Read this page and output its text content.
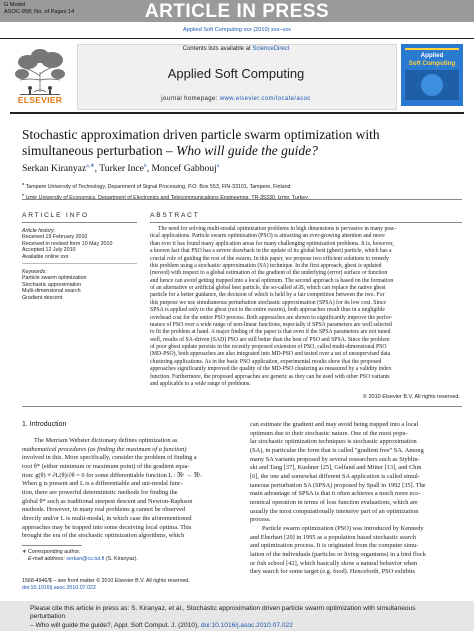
G Model
ASOC-958; No. of Pages 14	ARTICLE IN PRESS
Applied Soft Computing xxx (2010) xxx–xxx
ELSEVIER
Contents lists available at ScienceDirect
Applied Soft Computing
journal homepage: www.elsevier.com/locate/asoc
Applied
Soft Computing
Stochastic approximation driven particle swarm optimization with simultaneous perturbation – Who will guide the guide?
Serkan Kiranyaz$^{a,∗}$, Turker Ince$^b$, Moncef Gabbouj$^a$
$^a$ Tampere University of Technology, Department of Signal Processing, P.O. Box 553, FIN-33101, Tampere, Finland
$^b$ Izmir University of Economics, Department of Electronics and Telecommunications Engineering, TR-35330, Izmir, Turkey
ARTICLE INFO	ABSTRACT
Article history:
Received 19 February 2010
Received in revised form 10 May 2010
Accepted 12 July 2010
Available online xxx
Keywords:
Particle swarm optimization
Stochastic approximation
Multi-dimensional search
Gradient descent
The need for solving multi-modal optimization problems in high dimensions is pervasive in many prac-
tical applications. Particle swarm optimization (PSO) is attracting an ever-growing attention and more
than ever it has found many application areas for many challenging optimization problems. It is, however,
a known fact that PSO has a severe drawback in the update of its global best (gbest) particle, which has a
crucial role of guiding the rest of the swarm. In this paper, we propose two efficient solutions to remedy
this problem using a stochastic approximation (SA) technique. In the first approach, gbest is updated
(moved) with respect to a global estimation of the gradient of the underlying (error) surface or function
and hence can avoid getting trapped into a local optimum. The second approach is based on the formation
of an alternative or artificial global best particle, the so-called aGB, which can replace the native gbest
particle for a better guidance, the decision of which is held by a fair competition between the two. For
this purpose we use simultaneous perturbation stochastic approximation (SPSA) for its low cost. Since
SPSA is applied only to the gbest (not to the entire swarm), both approaches result thus in a negligible
overhead cost for the entire PSO process. Both approaches are shown to significantly improve the perfor-
mance of PSO over a wide range of non-linear functions, especially if SPSA parameters are well selected
to fit the problem at hand. A major finding of the paper is that even if the SPSA parameters are not tuned
well, results of SA-driven (SAD) PSO are still better than the best of PSO and SPSA. Since the problem
of poor gbest update persists in the recently proposed extension of PSO, called multi-dimensional PSO
(MD-PSO), both approaches are also integrated into MD-PSO and tested over a set of unsupervised data
clustering applications. As in the basic PSO application, experimental results show that the proposed
approaches significantly improved the quality of the MD-PSO clustering as measured by a validity index
function. Furthermore, the proposed approaches are generic as they can be used with other PSO variants
and applicable to a wide range of problems.
© 2010 Elsevier B.V. All rights reserved.
1. Introduction
The Merriam Webster dictionary defines optimization as
mathematical procedures (as finding the maximum of a function)
involved in this. More specifically, consider the problem of finding a
root θ* (either minimum or maximum point) of the gradient equa-
tion: g(θ) ≡ ∂L(θ)/∂θ = 0 for some differentiable function L : ℜᵖ → ℜ¹.
When g is present and L is a differentiable and uni-modal func-
tion, there are powerful deterministic methods for finding the
global θ* such as traditional steepest descent and Newton-Raphson
methods. However, in many real problems g cannot be observed
directly and/or L is multi-modal, in which case the aforementioned
approaches may be trapped into some deceiving local optima. This
brought the era of the stochastic optimization algorithms, which
can estimate the gradient and may avoid being trapped into a local
optimum due to their stochastic nature. One of the most popu-
lar stochastic optimization techniques is stochastic approximation
(SA), in particular the form that is called "gradient free" SA. Among
many SA variants proposed by several researchers such as Styblin-
ski and Tang [37], Kushner [25], Gelfand and Mitter [13], and Chin
[6], the one and somewhat different SA application is called simul-
taneous perturbation SA (SPSA) proposed by Spall in 1992 [35]. The
main advantage of SPSA is that it often achieves a much more eco-
nomical operation in terms of loss function evaluations, which are
usually the most computationally intensive part of an optimization
process.
Particle swarm optimization (PSO) was introduced by Kennedy
and Eberhart [20] in 1995 as a population based stochastic search
and optimization process. It is originated from the computer simu-
lation of the individuals (particles or living organisms) in a bird flock
or fish school [42], which basically show a natural behavior when
they search for some target (e.g. food). Henceforth, PSO exhibits
∗ Corresponding author.
E-mail address: serkan@cs.tut.fi (S. Kiranyaz).
1568-4946/$ – see front matter © 2010 Elsevier B.V. All rights reserved.
doi:10.1016/j.asoc.2010.07.022
Please cite this article in press as: S. Kiranyaz, et al., Stochastic approximation driven particle swarm optimization with simultaneous perturbation
– Who will guide the guide?, Appl. Soft Comput. J. (2010), doi:10.1016/j.asoc.2010.07.022
